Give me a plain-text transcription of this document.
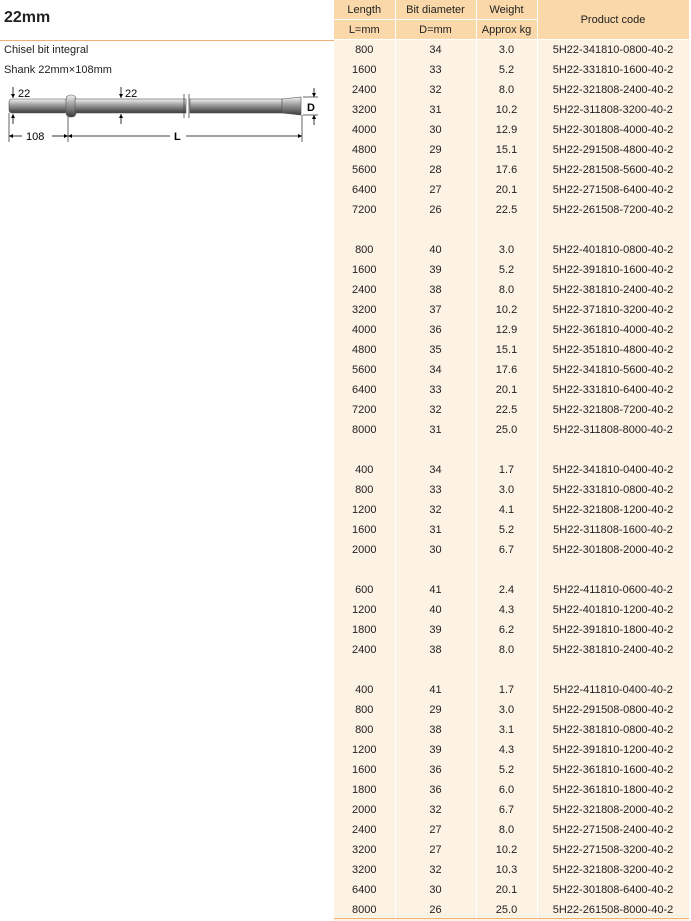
22mm
Chisel bit integral
Shank 22mm×108mm
22	22
D
108	L
Length	Bit diameter	Weight	Product code
L=mm	D=mm	Approx kg	
800	34	3.0	5H22-341810-0800-40-2
1600	33	5.2	5H22-331810-1600-40-2
2400	32	8.0	5H22-321808-2400-40-2
3200	31	10.2	5H22-311808-3200-40-2
4000	30	12.9	5H22-301808-4000-40-2
4800	29	15.1	5H22-291508-4800-40-2
5600	28	17.6	5H22-281508-5600-40-2
6400	27	20.1	5H22-271508-6400-40-2
7200	26	22.5	5H22-261508-7200-40-2

800	40	3.0	5H22-401810-0800-40-2
1600	39	5.2	5H22-391810-1600-40-2
2400	38	8.0	5H22-381810-2400-40-2
3200	37	10.2	5H22-371810-3200-40-2
4000	36	12.9	5H22-361810-4000-40-2
4800	35	15.1	5H22-351810-4800-40-2
5600	34	17.6	5H22-341810-5600-40-2
6400	33	20.1	5H22-331810-6400-40-2
7200	32	22.5	5H22-321808-7200-40-2
8000	31	25.0	5H22-311808-8000-40-2

400	34	1.7	5H22-341810-0400-40-2
800	33	3.0	5H22-331810-0800-40-2
1200	32	4.1	5H22-321808-1200-40-2
1600	31	5.2	5H22-311808-1600-40-2
2000	30	6.7	5H22-301808-2000-40-2

600	41	2.4	5H22-411810-0600-40-2
1200	40	4.3	5H22-401810-1200-40-2
1800	39	6.2	5H22-391810-1800-40-2
2400	38	8.0	5H22-381810-2400-40-2

400	41	1.7	5H22-411810-0400-40-2
800	29	3.0	5H22-291508-0800-40-2
800	38	3.1	5H22-381810-0800-40-2
1200	39	4.3	5H22-391810-1200-40-2
1600	36	5.2	5H22-361810-1600-40-2
1800	36	6.0	5H22-361810-1800-40-2
2000	32	6.7	5H22-321808-2000-40-2
2400	27	8.0	5H22-271508-2400-40-2
3200	27	10.2	5H22-271508-3200-40-2
3200	32	10.3	5H22-321808-3200-40-2
6400	30	20.1	5H22-301808-6400-40-2
8000	26	25.0	5H22-261508-8000-40-2
